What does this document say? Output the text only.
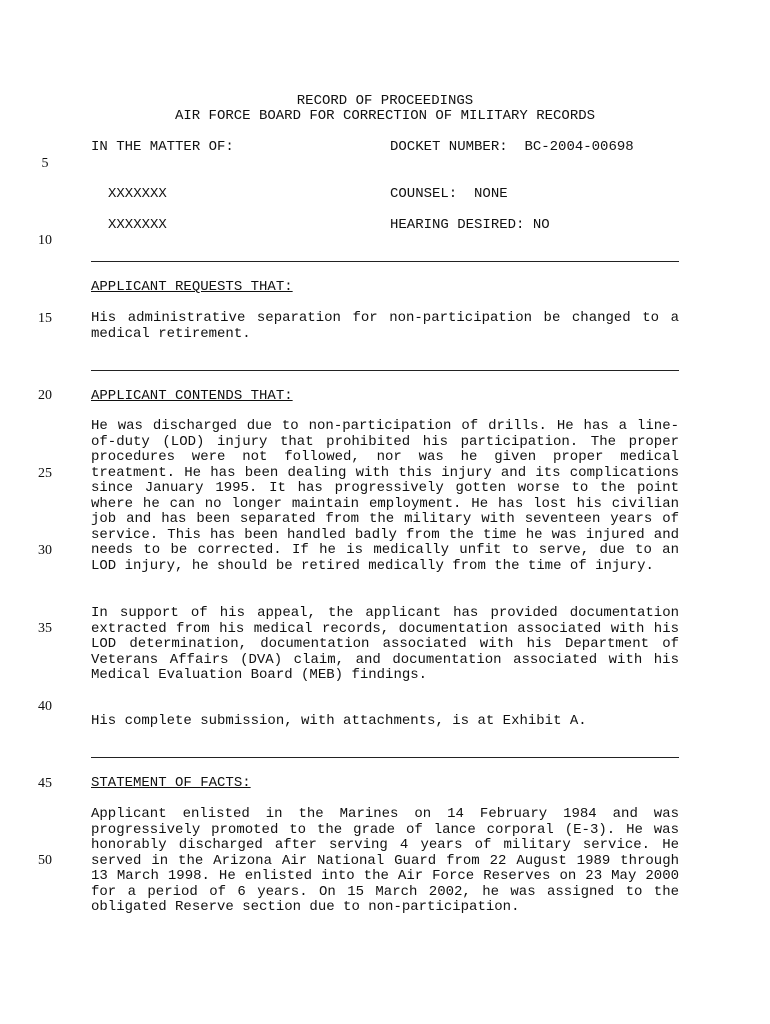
RECORD OF PROCEEDINGS
AIR FORCE BOARD FOR CORRECTION OF MILITARY RECORDS
IN THE MATTER OF:	DOCKET NUMBER: BC-2004-00698
XXXXXXX	COUNSEL: NONE
XXXXXXX	HEARING DESIRED: NO
APPLICANT REQUESTS THAT:
His administrative separation for non-participation be changed to a medical retirement.
APPLICANT CONTENDS THAT:
He was discharged due to non-participation of drills. He has a line-of-duty (LOD) injury that prohibited his participation. The proper procedures were not followed, nor was he given proper medical treatment. He has been dealing with this injury and its complications since January 1995. It has progressively gotten worse to the point where he can no longer maintain employment. He has lost his civilian job and has been separated from the military with seventeen years of service. This has been handled badly from the time he was injured and needs to be corrected. If he is medically unfit to serve, due to an LOD injury, he should be retired medically from the time of injury.
In support of his appeal, the applicant has provided documentation extracted from his medical records, documentation associated with his LOD determination, documentation associated with his Department of Veterans Affairs (DVA) claim, and documentation associated with his Medical Evaluation Board (MEB) findings.
His complete submission, with attachments, is at Exhibit A.
STATEMENT OF FACTS:
Applicant enlisted in the Marines on 14 February 1984 and was progressively promoted to the grade of lance corporal (E-3). He was honorably discharged after serving 4 years of military service. He served in the Arizona Air National Guard from 22 August 1989 through 13 March 1998. He enlisted into the Air Force Reserves on 23 May 2000 for a period of 6 years. On 15 March 2002, he was assigned to the obligated Reserve section due to non-participation.
5
10
15
20
25
30
35
40
45
50
